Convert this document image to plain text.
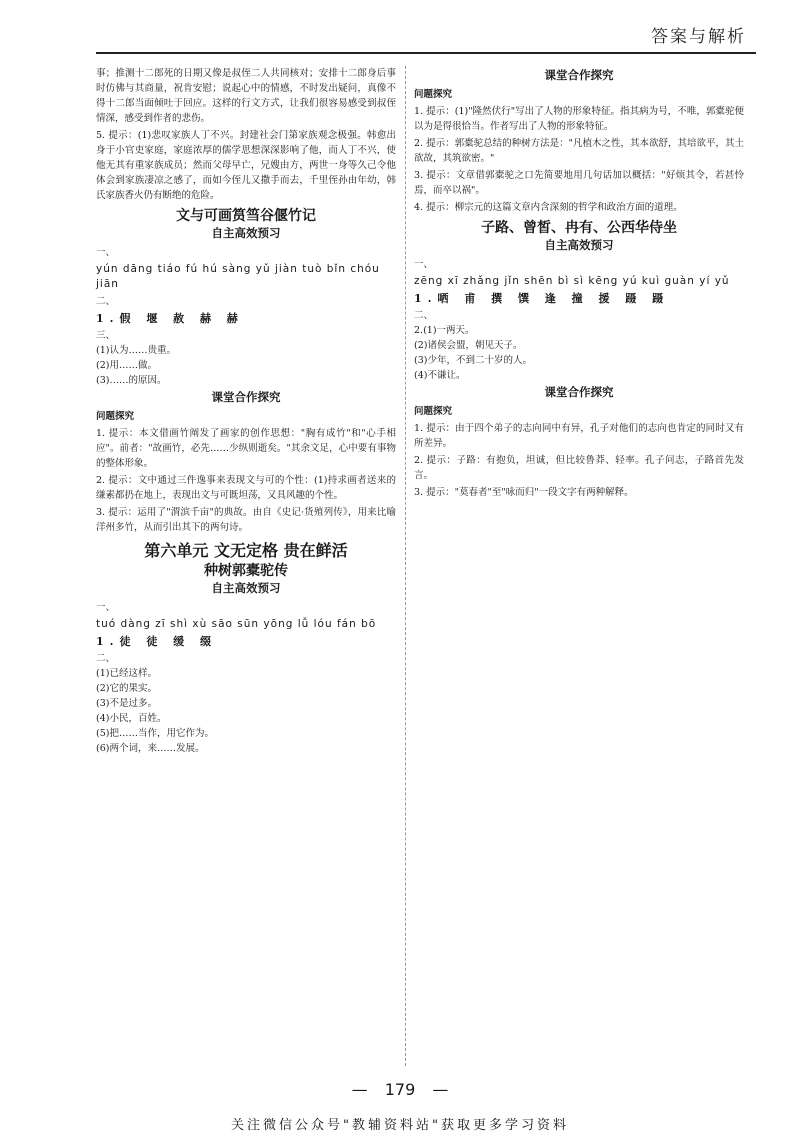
答案与解析

事；推测十二郎死的日期又像是叔侄二人共同核对；安排十二郎身后事时仿佛与其商量，祝肯安慰；说起心中的情感，不时发出疑问，真像不得十二郎当面倾吐于回应。这样的行文方式，让我们很容易感受到叔侄情深，感受到作者的悲伤。

5. 提示：(1)悲叹家族人丁不兴。封建社会门第家族观念极强。韩愈出身于小官吏家庭，家庭浓厚的儒学思想深深影响了他，而人丁不兴，使他无其有重家族成员；然而父母早亡，兄嫂由方，两世一身等久己令他体会到家族凄凉之感了，而如今侄儿又撒手而去，千里侄孙由年幼，韩氏家族香火仍有断绝的危险。

文与可画筼筜谷偃竹记
自主高效预习
一、
yún dāng tiáo fú hú sàng yǔ jiàn tuò bǐn chóu jiān
二、
1.假 堰 赦 赫 赫
三、
(1)认为……贵重。
(2)用……做。
(3)……的原因。
课堂合作探究
问题探究

1. 提示：本文借画竹阐发了画家的创作思想："胸有成竹"和"心手相应"。前者："故画竹，必先……少纵则逝矣。"其余文足，心中要有事物的整体形象。

2. 提示：文中通过三件逸事来表现文与可的个性：(1)持求画者送来的缣素都扔在地上，表现出文与可既坦荡，又具风趣的个性。

3. 提示：运用了"渭滨千亩"的典故。由自《史记·货殖列传》，用来比喻洋州多竹，从而引出其下的两句诗。

第六单元 文无定格 贵在鲜活
种树郭橐驼传
自主高效预习
一、
tuó dàng zī shì xù sāo sūn yōng lǚ lóu fán bō
1.徒 徒 缓 缀
二、
(1)已经这样。
(2)它的果实。
(3)不是过多。
(4)小民，百姓。
(5)把……当作，用它作为。
(6)两个词，来……发展。
课堂合作探究
问题探究

1. 提示：(1)"隆然伏行"写出了人物的形象特征。指其病为号，不唯，郭橐驼便以为是得很恰当。作者写出了人物的形象特征。

2. 提示：郭橐驼总结的种树方法是："凡植木之性，其本欲舒，其培欲平，其土欲故，其筑欲密。"

3. 提示：文章借郭橐驼之口先简要地用几句话加以概括："好烦其令，若甚怜焉，而卒以祸"。

4. 提示：柳宗元的这篇文章内含深刻的哲学和政治方面的道理。

子路、曾皙、冉有、公西华侍坐
自主高效预习
一、
zēng xī zhǎng jǐn shēn bì sì kēng yú kuì guàn yí yǔ
1.哂 甫 撰 馔 逢 撞 援 蹑 蹑
二、
2.(1)一两天。
(2)诸侯会盟，朝见天子。
(3)少年，不到二十岁的人。
(4)不谦让。
课堂合作探究
问题探究

1. 提示：由于四个弟子的志向同中有异，孔子对他们的志向也肯定的同时又有所差异。

2. 提示：子路：有抱负，坦诚，但比较鲁莽、轻率。孔子问志，子路首先发言。

3. 提示："莫春者"至"咏而归"一段文字有两种解释。

— 179 —
关注微信公众号"教辅资料站"获取更多学习资料
